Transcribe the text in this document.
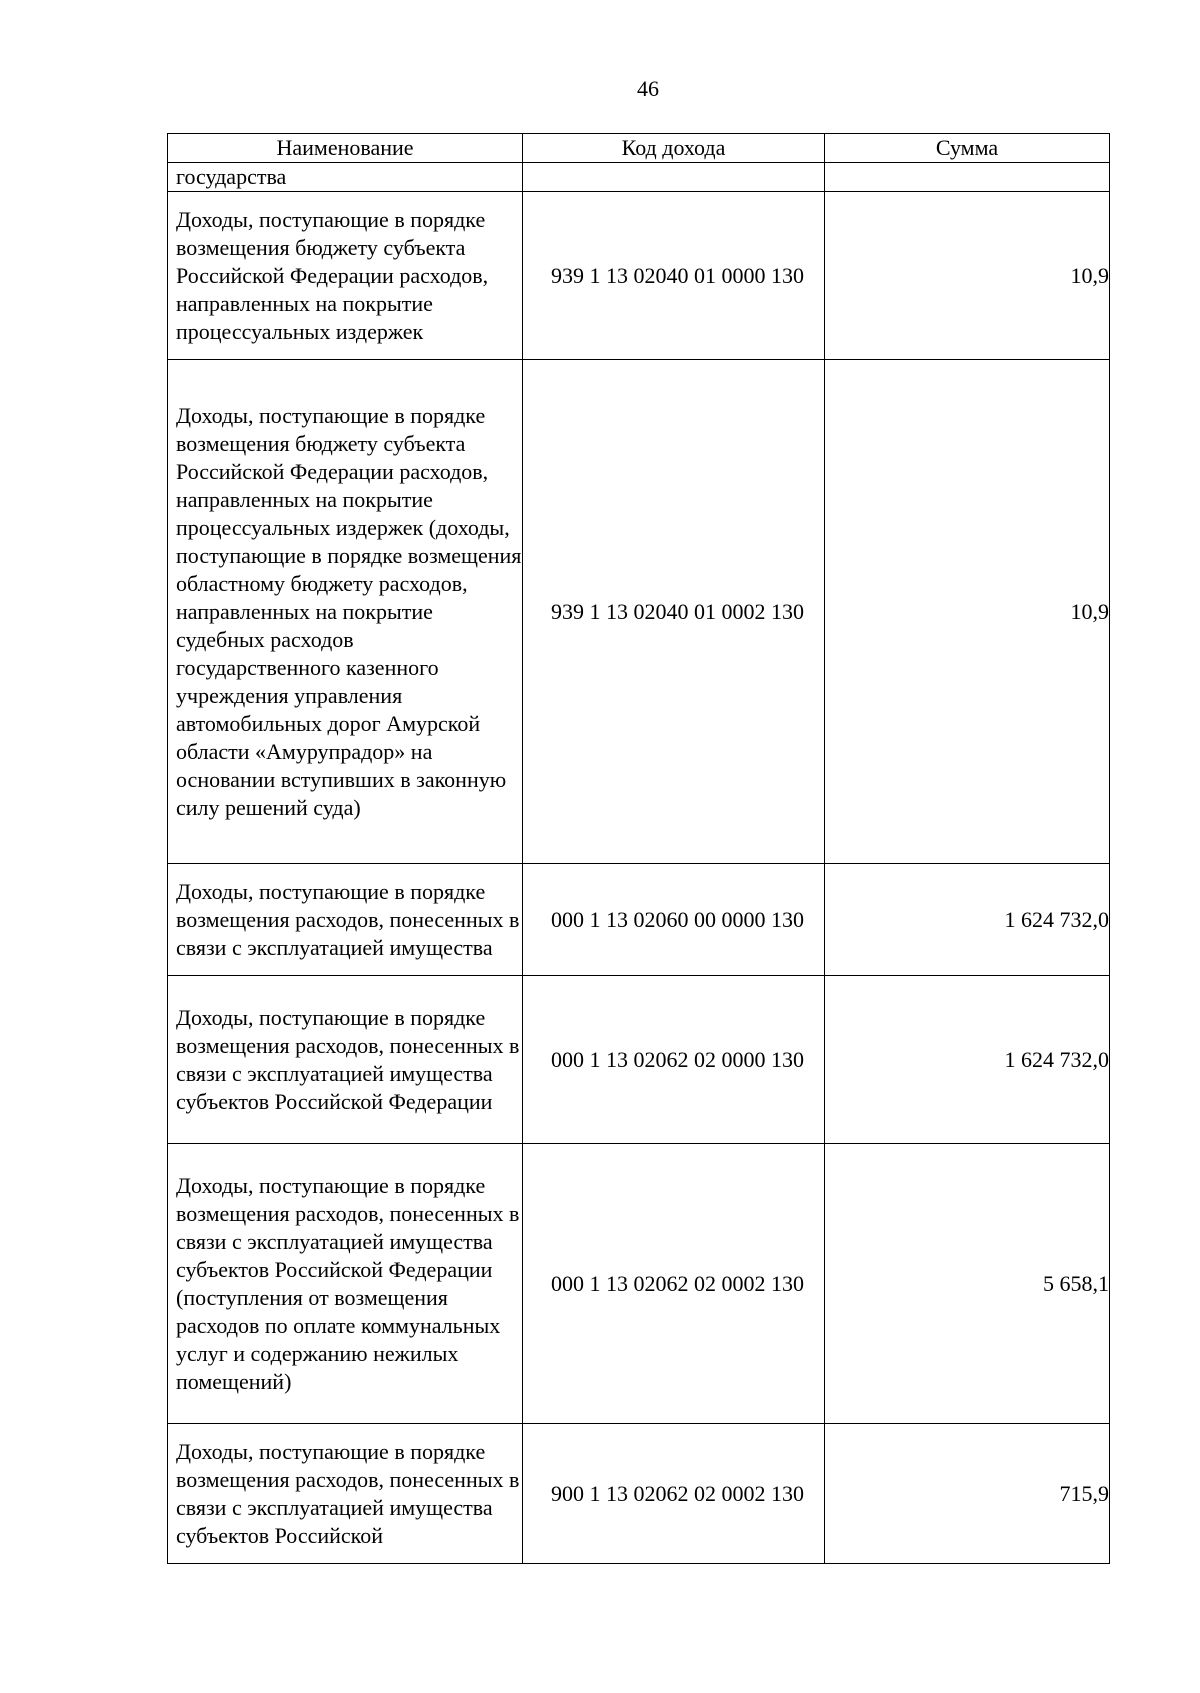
46
Наименование	Код дохода	Сумма
государства		
Доходы, поступающие в порядке возмещения бюджету субъекта Российской Федерации расходов, направленных на покрытие процессуальных издержек	939 1 13 02040 01 0000 130	10,9
Доходы, поступающие в порядке возмещения бюджету субъекта Российской Федерации расходов, направленных на покрытие процессуальных издержек (доходы, поступающие в порядке возмещения областному бюджету расходов, направленных на покрытие судебных расходов государственного казенного учреждения управления автомобильных дорог Амурской области «Амурупрадор» на основании вступивших в законную силу решений суда)	939 1 13 02040 01 0002 130	10,9
Доходы, поступающие в порядке возмещения расходов, понесенных в связи с эксплуатацией имущества	000 1 13 02060 00 0000 130	1 624 732,0
Доходы, поступающие в порядке возмещения расходов, понесенных в связи с эксплуатацией имущества субъектов Российской Федерации	000 1 13 02062 02 0000 130	1 624 732,0
Доходы, поступающие в порядке возмещения расходов, понесенных в связи с эксплуатацией имущества субъектов Российской Федерации (поступления от возмещения расходов по оплате коммунальных услуг и содержанию нежилых помещений)	000 1 13 02062 02 0002 130	5 658,1
Доходы, поступающие в порядке возмещения расходов, понесенных в связи с эксплуатацией имущества субъектов Российской	900 1 13 02062 02 0002 130	715,9
